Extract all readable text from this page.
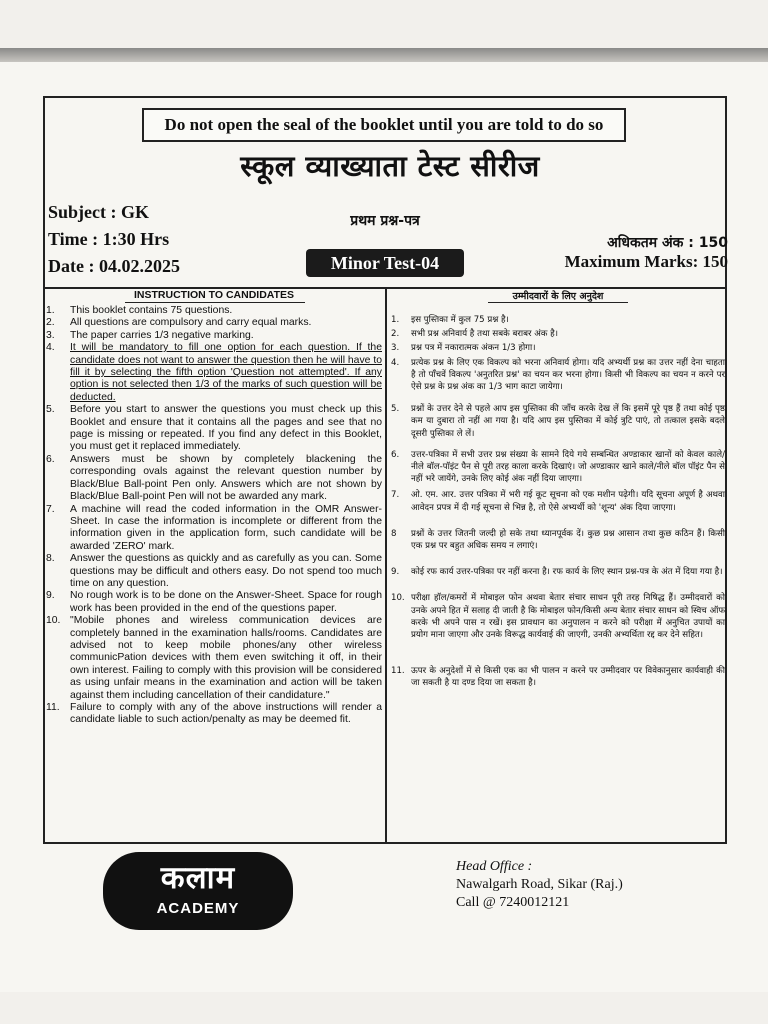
Do not open the seal of the booklet until you are told to do so
स्कूल व्याख्याता टेस्ट सीरीज
Subject : GK
Time : 1:30 Hrs
Date : 04.02.2025
प्रथम प्रश्न-पत्र
Minor Test-04
अधिकतम अंक : 150
Maximum Marks: 150
INSTRUCTION TO CANDIDATES	उम्मीदवारों के लिए अनुदेश
1.	This booklet contains 75 questions.
2.	All questions are compulsory and carry equal marks.
3.	The paper carries 1/3 negative marking.
4.	It will be mandatory to fill one option for each question. If the candidate does not want to answer the question then he will have to fill it by selecting the fifth option 'Question not attempted'. If any option is not selected then 1/3 of the marks of such question will be deducted.
5.	Before you start to answer the questions you must check up this Booklet and ensure that it contains all the pages and see that no page is missing or repeated. If you find any defect in this Booklet, you must get it replaced immediately.
6.	Answers must be shown by completely blackening the corresponding ovals against the relevant question number by Black/Blue Ball-point Pen only. Answers which are not shown by Black/Blue Ball-point Pen will not be awarded any mark.
7.	A machine will read the coded information in the OMR Answer-Sheet. In case the information is incomplete or different from the information given in the application form, such candidate will be awarded 'ZERO' mark.
8.	Answer the questions as quickly and as carefully as you can. Some questions may be difficult and others easy. Do not spend too much time on any question.
9.	No rough work is to be done on the Answer-Sheet. Space for rough work has been provided in the end of the questions paper.
10. "Mobile phones and wireless communication devices are completely banned in the examination halls/rooms. Candidates are advised not to keep mobile phones/any other wireless communicPation devices with them even switching it off, in their own interest. Failing to comply with this provision will be considered as using unfair means in the examination and action will be taken against them including cancellation of their candidature."
11. Failure to comply with any of the above instructions will render a candidate liable to such action/penalty as may be deemed fit.
1.	इस पुस्तिका में कुल 75 प्रश्न है।
2.	सभी प्रश्न अनिवार्य है तथा सबके बराबर अंक है।
3.	प्रश्न पत्र में नकारात्मक अंकन 1/3 होगा।
4.	प्रत्येक प्रश्न के लिए एक विकल्प को भरना अनिवार्य होगा। यदि अभ्यर्थी प्रश्न का उत्तर नहीं देना चाहता है तो पाँचवें विकल्प 'अनुतरित प्रश्न' का चयन कर भरना होगा। किसी भी विकल्प का चयन न करने पर ऐसे प्रश्न के प्रश्न अंक का 1/3 भाग काटा जायेगा।
5.	प्रश्नों के उत्तर देने से पहले आप इस पुस्तिका की जाँच करके देख लें कि इसमें पूरे पृष्ठ हैं तथा कोई पृष्ठ कम या दुबारा तो नहीं आ गया है। यदि आप इस पुस्तिका में कोई त्रुटि पाएं, तो तत्काल इसके बदले दूसरी पुस्तिका ले लें।
6.	उत्तर-पत्रिका में सभी उत्तर प्रश्न संख्या के सामने दिये गये सम्बन्धित अण्डाकार खानों को केवल काले/नीले बॉल-पॉइंट पैन से पूरी तरह काला करके दिखाएं। जो अण्डाकार खाने काले/नीले बॉल पॉइंट पैन से नहीं भरे जायेंगे, उनके लिए कोई अंक नहीं दिया जाएगा।
7.	ओ. एम. आर. उत्तर पत्रिका में भरी गई कूट सूचना को एक मशीन पढ़ेगी। यदि सूचना अपूर्ण है अथवा आवेदन प्रपत्र में दी गई सूचना से भिन्न है, तो ऐसे अभ्यर्थी को 'शून्य' अंक दिया जाएगा।
8	प्रश्नों के उत्तर जितनी जल्दी हो सके तथा ध्यानपूर्वक दें। कुछ प्रश्न आसान तथा कुछ कठिन हैं। किसी एक प्रश्न पर बहुत अधिक समय न लगाएं।
9.	कोई रफ कार्य उत्तर-पत्रिका पर नहीं करना है। रफ कार्य के लिए स्थान प्रश्न-पत्र के अंत में दिया गया है।
10. परीक्षा हॉल/कमरों में मोबाइल फोन अथवा बेतार संचार साधन पूरी तरह निषिद्ध हैं। उम्मीदवारों को उनके अपने हित में सलाह दी जाती है कि मोबाइल फोन/किसी अन्य बेतार संचार साधन को स्विच ऑफ करके भी अपने पास न रखें। इस प्रावधान का अनुपालन न करने को परीक्षा में अनुचित उपायों का प्रयोग माना जाएगा और उनके विरूद्ध कार्यवाई की जाएगी, उनकी अभ्यर्थिता रद्द कर देने सहित।
11. ऊपर के अनुदेशों में से किसी एक का भी पालन न करने पर उम्मीदवार पर विवेकानुसार कार्यवाही की जा सकती है या दण्ड दिया जा सकता है।
कलाम
ACADEMY
Head Office :
Nawalgarh Road, Sikar (Raj.)
Call @ 7240012121
